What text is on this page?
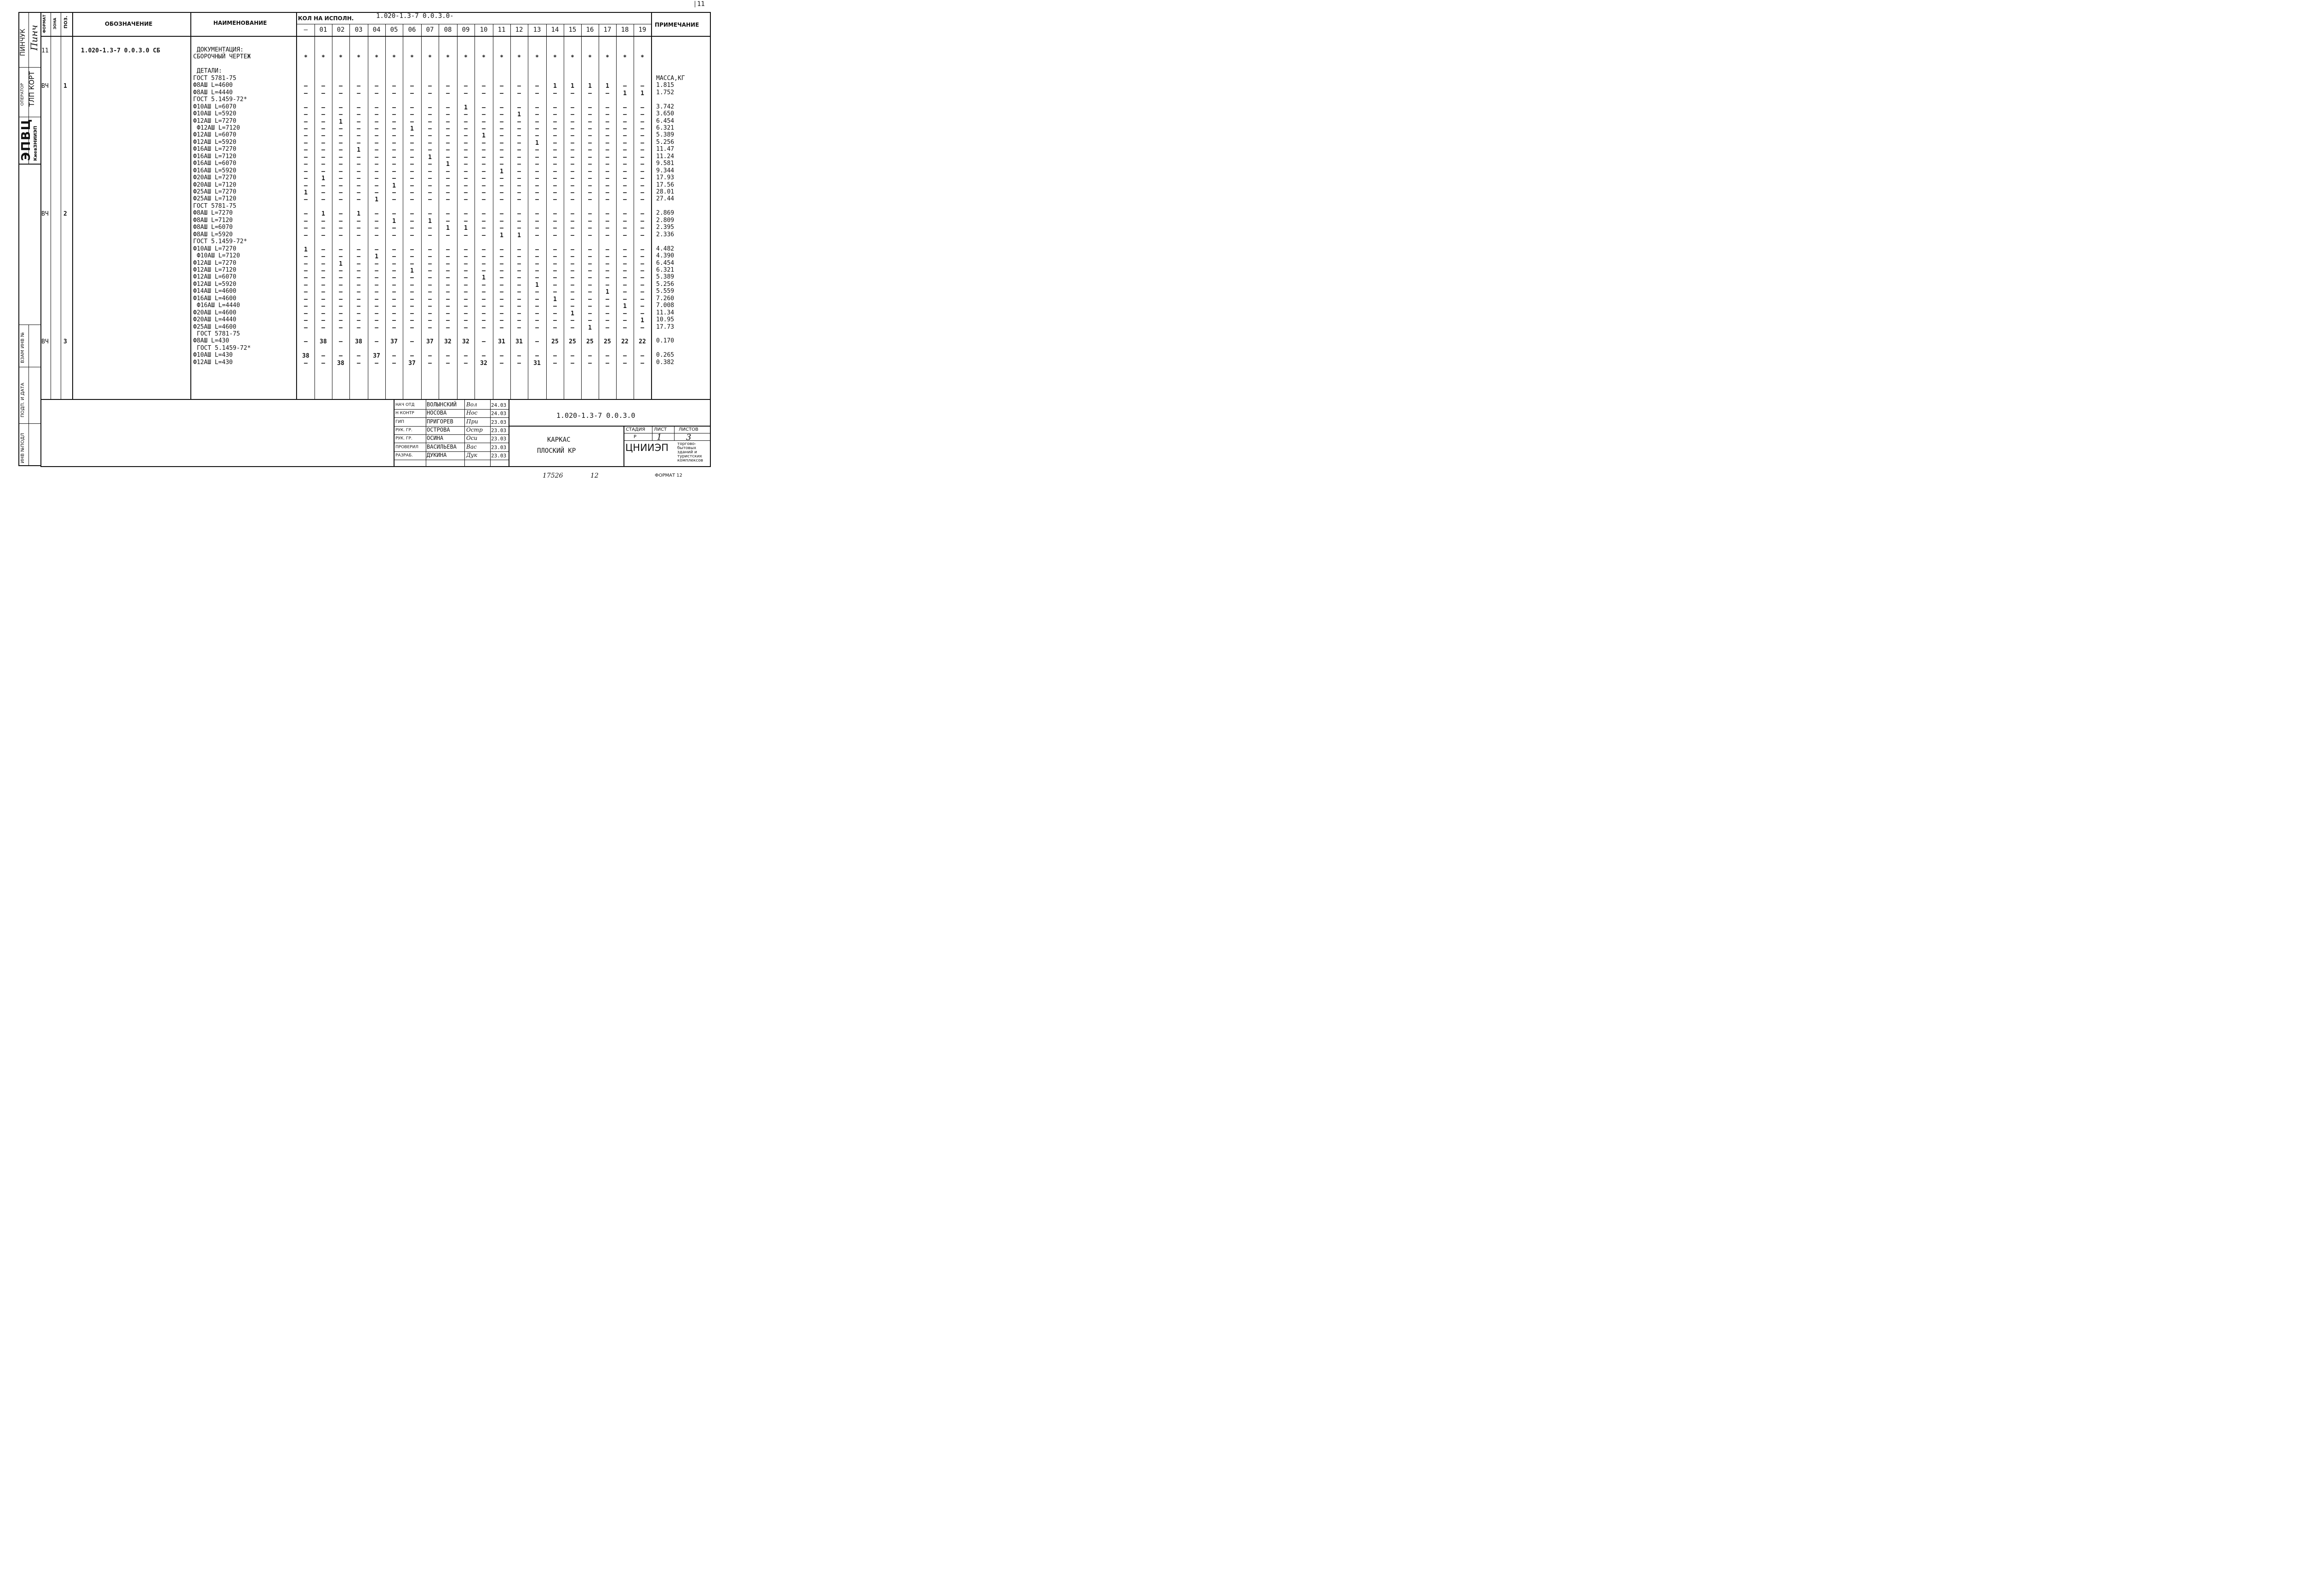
11
ПИНЧУК Пинч
ОПЕРАТОР ТЛП КОРТ
ЭПВЦ КиевЗНИИЭП
ВЗАМ ИНВ №
ПОДП. И ДАТА
ИНВ №ПОДЛ
ФОРМАТ ЗОНА ПОЗ.	ОБОЗНАЧЕНИЕ	НАИМЕНОВАНИЕ
КОЛ НА ИСПОЛН.	1.020-1.3-7 0.0.3.0-
ПРИМЕЧАНИЕ
—	01	02	03	04	05	06	07	08	09	10	11	12	13	14	15	16	17	18	19
11	1.020-1.3-7 0.0.3.0 СБ	ДОКУМЕНТАЦИЯ:
СБОРОЧНЫЙ ЧЕРТЕЖ	*	*	*	*	*	*	*	*	*	*	*	*	*	*	*	*	*	*	*	*
ДЕТАЛИ:
ГОСТ 5781-75	МАССА,КГ
ВЧ 1	Ф8АШ L=4600	–	–	–	–	–	–	–	–	–	–	–	–	–	–	1	1	1	1	–	–	1.815
Ф8АШ L=4440	–	–	–	–	–	–	–	–	–	–	–	–	–	–	–	–	–	–	1	1	1.752
ГОСТ 5.1459-72*
Ф10АШ L=6070	–	–	–	–	–	–	–	–	–	1	–	–	–	–	–	–	–	–	–	–	3.742
Ф10АШ L=5920	–	–	–	–	–	–	–	–	–	–	–	–	1	–	–	–	–	–	–	–	3.650
Ф12АШ L=7270	–	–	1	–	–	–	–	–	–	–	–	–	–	–	–	–	–	–	–	–	6.454
Ф12АШ L=7120	–	–	–	–	–	–	1	–	–	–	–	–	–	–	–	–	–	–	–	–	6.321
Ф12АШ L=6070	–	–	–	–	–	–	–	–	–	–	1	–	–	–	–	–	–	–	–	–	5.389
Ф12АШ L=5920	–	–	–	–	–	–	–	–	–	–	–	–	–	1	–	–	–	–	–	–	5.256
Ф16АШ L=7270	–	–	–	1	–	–	–	–	–	–	–	–	–	–	–	–	–	–	–	–	11.47
Ф16АШ L=7120	–	–	–	–	–	–	–	1	–	–	–	–	–	–	–	–	–	–	–	–	11.24
Ф16АШ L=6070	–	–	–	–	–	–	–	–	1	–	–	–	–	–	–	–	–	–	–	–	9.581
Ф16АШ L=5920	–	–	–	–	–	–	–	–	–	–	–	1	–	–	–	–	–	–	–	–	9.344
Ф20АШ L=7270	–	1	–	–	–	–	–	–	–	–	–	–	–	–	–	–	–	–	–	–	17.93
Ф20АШ L=7120	–	–	–	–	–	1	–	–	–	–	–	–	–	–	–	–	–	–	–	–	17.56
Ф25АШ L=7270	1	–	–	–	–	–	–	–	–	–	–	–	–	–	–	–	–	–	–	–	28.01
Ф25АШ L=7120	–	–	–	–	1	–	–	–	–	–	–	–	–	–	–	–	–	–	–	–	27.44
ГОСТ 5781-75
ВЧ 2	Ф8АШ L=7270	–	1	–	1	–	–	–	–	–	–	–	–	–	–	–	–	–	–	–	–	2.869
Ф8АШ L=7120	–	–	–	–	–	1	–	1	–	–	–	–	–	–	–	–	–	–	–	–	2.809
Ф8АШ L=6070	–	–	–	–	–	–	–	–	1	1	–	–	–	–	–	–	–	–	–	–	2.395
Ф8АШ L=5920	–	–	–	–	–	–	–	–	–	–	–	1	1	–	–	–	–	–	–	–	2.336
ГОСТ 5.1459-72*
Ф10АШ L=7270	1	–	–	–	–	–	–	–	–	–	–	–	–	–	–	–	–	–	–	–	4.482
Ф10АШ L=7120	–	–	–	–	1	–	–	–	–	–	–	–	–	–	–	–	–	–	–	–	4.390
Ф12АШ L=7270	–	–	1	–	–	–	–	–	–	–	–	–	–	–	–	–	–	–	–	–	6.454
Ф12АШ L=7120	–	–	–	–	–	–	1	–	–	–	–	–	–	–	–	–	–	–	–	–	6.321
Ф12АШ L=6070	–	–	–	–	–	–	–	–	–	–	1	–	–	–	–	–	–	–	–	–	5.389
Ф12АШ L=5920	–	–	–	–	–	–	–	–	–	–	–	–	–	1	–	–	–	–	–	–	5.256
Ф14АШ L=4600	–	–	–	–	–	–	–	–	–	–	–	–	–	–	–	–	–	1	–	–	5.559
Ф16АШ L=4600	–	–	–	–	–	–	–	–	–	–	–	–	–	–	1	–	–	–	–	–	7.260
Ф16АШ L=4440	–	–	–	–	–	–	–	–	–	–	–	–	–	–	–	–	–	–	1	–	7.008
Ф20АШ L=4600	–	–	–	–	–	–	–	–	–	–	–	–	–	–	–	1	–	–	–	–	11.34
Ф20АШ L=4440	–	–	–	–	–	–	–	–	–	–	–	–	–	–	–	–	–	–	–	1	10.95
Ф25АШ L=4600	–	–	–	–	–	–	–	–	–	–	–	–	–	–	–	–	1	–	–	–	17.73
ГОСТ 5781-75
ВЧ 3	Ф8АШ L=430	–	38	–	38	–	37	–	37	32	32	–	31	31	–	25	25	25	25	22	22	0.170
ГОСТ 5.1459-72*
Ф10АШ L=430	38	–	–	–	37	–	–	–	–	–	–	–	–	–	–	–	–	–	–	–	0.265
Ф12АШ L=430	–	–	38	–	–	–	37	–	–	–	32	–	–	31	–	–	–	–	–	–	0.382
НАЧ ОТД ВОЛЫНСКИЙ Вол	24.03
Н КОНТР НОСОВА	Нос	24.03
ГИП	ПРИГОРЕВ При	23.03
РУК. ГР.	ОСТРОВА	Остр 23.03
РУК. ГР.	ОСИНА	Оси	23.03
ПРОВЕРИЛ ВАСИЛЬЕВА Вас	23.03
РАЗРАБ.	ДУКИНА	Дук	23.03
1.020-1.3-7 0.0.3.0
КАРКАС
ПЛОСКИЙ КР
СТАДИЯ ЛИСТ	ЛИСТОВ
Р 1	3
ЦНИИЭП торгово-
бытовых
зданий и
туристских
комплексов
17526	12	ФОРМАТ 12
